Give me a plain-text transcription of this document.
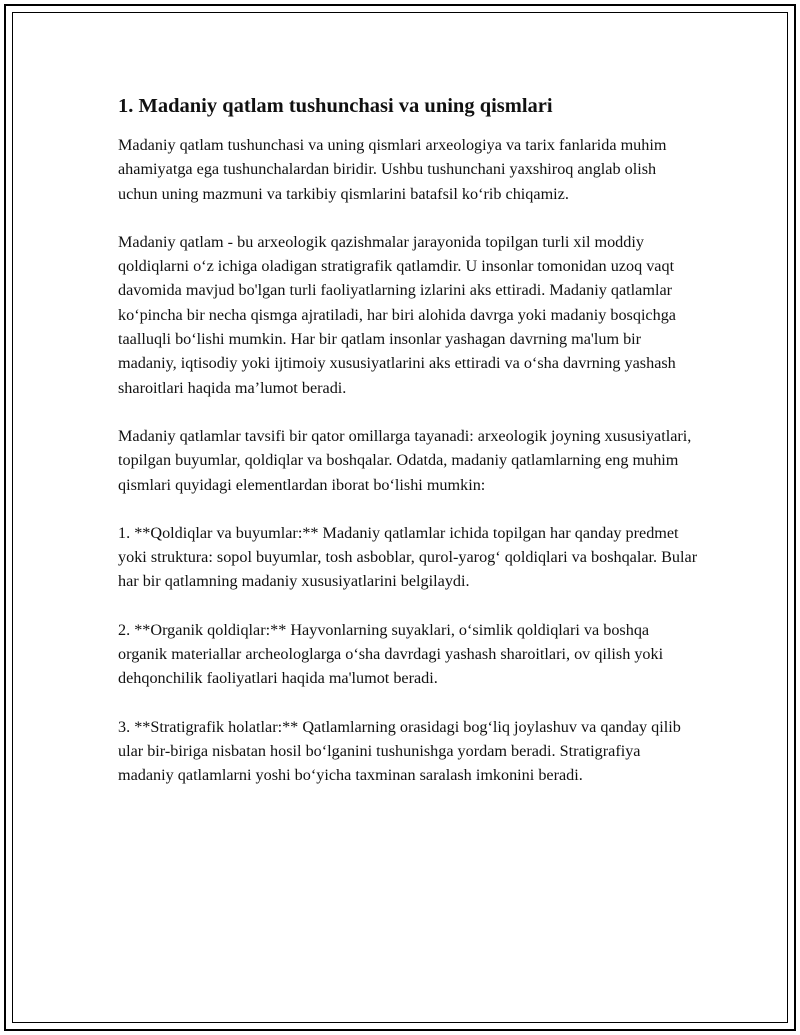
1. Madaniy qatlam tushunchasi va uning qismlari

Madaniy qatlam tushunchasi va uning qismlari arxeologiya va tarix fanlarida muhim ahamiyatga ega tushunchalardan biridir. Ushbu tushunchani yaxshiroq anglab olish uchun uning mazmuni va tarkibiy qismlarini batafsil ko‘rib chiqamiz.

Madaniy qatlam - bu arxeologik qazishmalar jarayonida topilgan turli xil moddiy qoldiqlarni o‘z ichiga oladigan stratigrafik qatlamdir. U insonlar tomonidan uzoq vaqt davomida mavjud bo'lgan turli faoliyatlarning izlarini aks ettiradi. Madaniy qatlamlar ko‘pincha bir necha qismga ajratiladi, har biri alohida davrga yoki madaniy bosqichga taalluqli bo‘lishi mumkin. Har bir qatlam insonlar yashagan davrning ma'lum bir madaniy, iqtisodiy yoki ijtimoiy xususiyatlarini aks ettiradi va o‘sha davrning yashash sharoitlari haqida ma’lumot beradi.

Madaniy qatlamlar tavsifi bir qator omillarga tayanadi: arxeologik joyning xususiyatlari, topilgan buyumlar, qoldiqlar va boshqalar. Odatda, madaniy qatlamlarning eng muhim qismlari quyidagi elementlardan iborat bo‘lishi mumkin:

1. **Qoldiqlar va buyumlar:** Madaniy qatlamlar ichida topilgan har qanday predmet yoki struktura: sopol buyumlar, tosh asboblar, qurol-yarog‘ qoldiqlari va boshqalar. Bular har bir qatlamning madaniy xususiyatlarini belgilaydi.

2. **Organik qoldiqlar:** Hayvonlarning suyaklari, o‘simlik qoldiqlari va boshqa organik materiallar archeologlarga o‘sha davrdagi yashash sharoitlari, ov qilish yoki dehqonchilik faoliyatlari haqida ma'lumot beradi.

3. **Stratigrafik holatlar:** Qatlamlarning orasidagi bog‘liq joylashuv va qanday qilib ular bir-biriga nisbatan hosil bo‘lganini tushunishga yordam beradi. Stratigrafiya madaniy qatlamlarni yoshi bo‘yicha taxminan saralash imkonini beradi.
